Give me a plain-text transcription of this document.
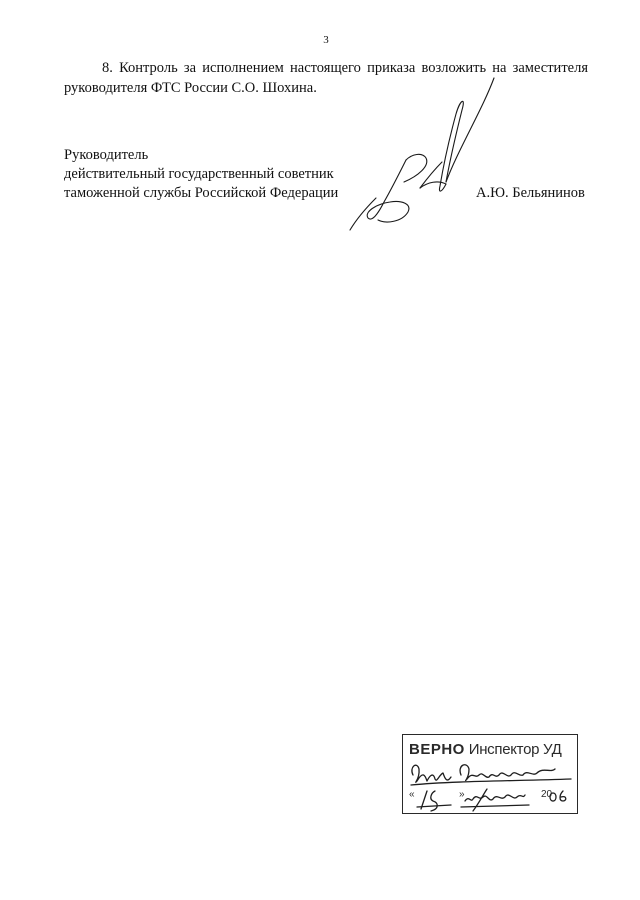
3

8. Контроль за исполнением настоящего приказа возложить на заместителя руководителя ФТС России С.О. Шохина.

Руководитель
действительный государственный советник
таможенной службы Российской Федерации	А.Ю. Бельянинов
ВЕРНО Инспектор УД
«	»	20
